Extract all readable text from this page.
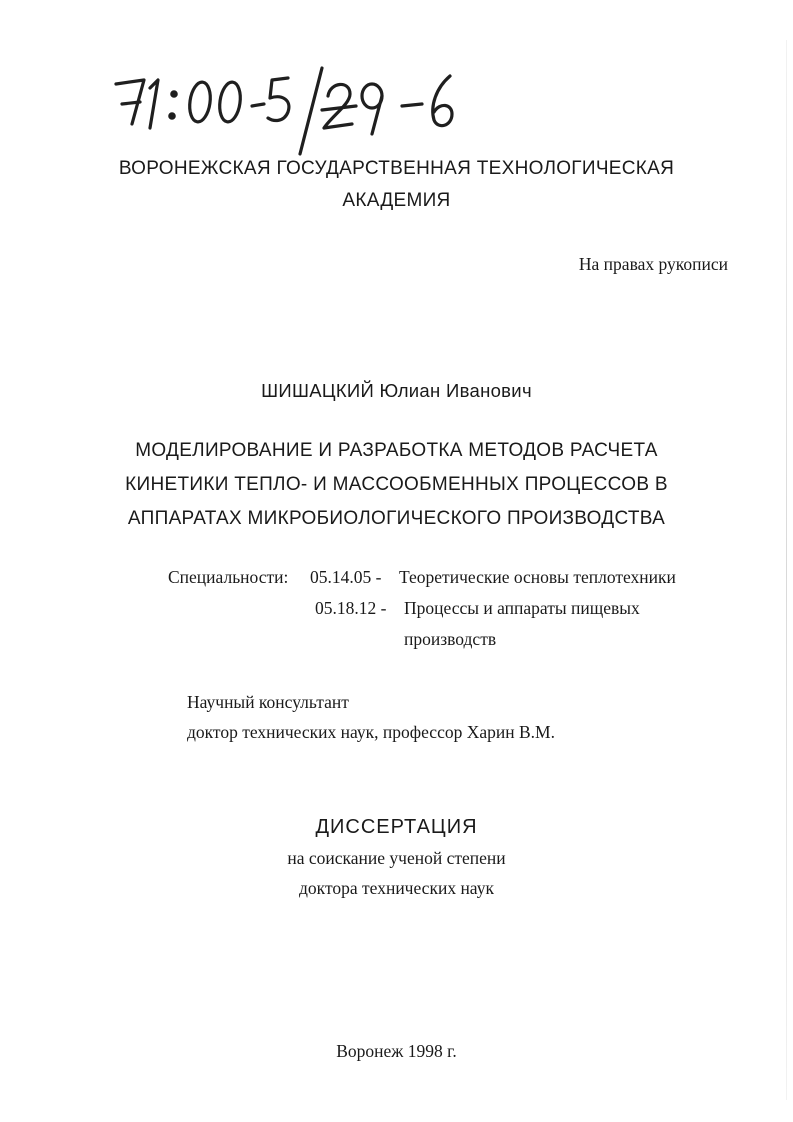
ВОРОНЕЖСКАЯ ГОСУДАРСТВЕННАЯ ТЕХНОЛОГИЧЕСКАЯ
АКАДЕМИЯ
На правах рукописи
ШИШАЦКИЙ Юлиан Иванович
МОДЕЛИРОВАНИЕ И РАЗРАБОТКА МЕТОДОВ РАСЧЕТА
КИНЕТИКИ ТЕПЛО- И МАССООБМЕННЫХ ПРОЦЕССОВ В
АППАРАТАХ МИКРОБИОЛОГИЧЕСКОГО ПРОИЗВОДСТВА
Специальности: 05.14.05 - Теоретические основы теплотехники
05.18.12 - Процессы и аппараты пищевых
производств
Научный консультант
доктор технических наук, профессор Харин В.М.
ДИССЕРТАЦИЯ
на соискание ученой степени
доктора технических наук
Воронеж 1998 г.
